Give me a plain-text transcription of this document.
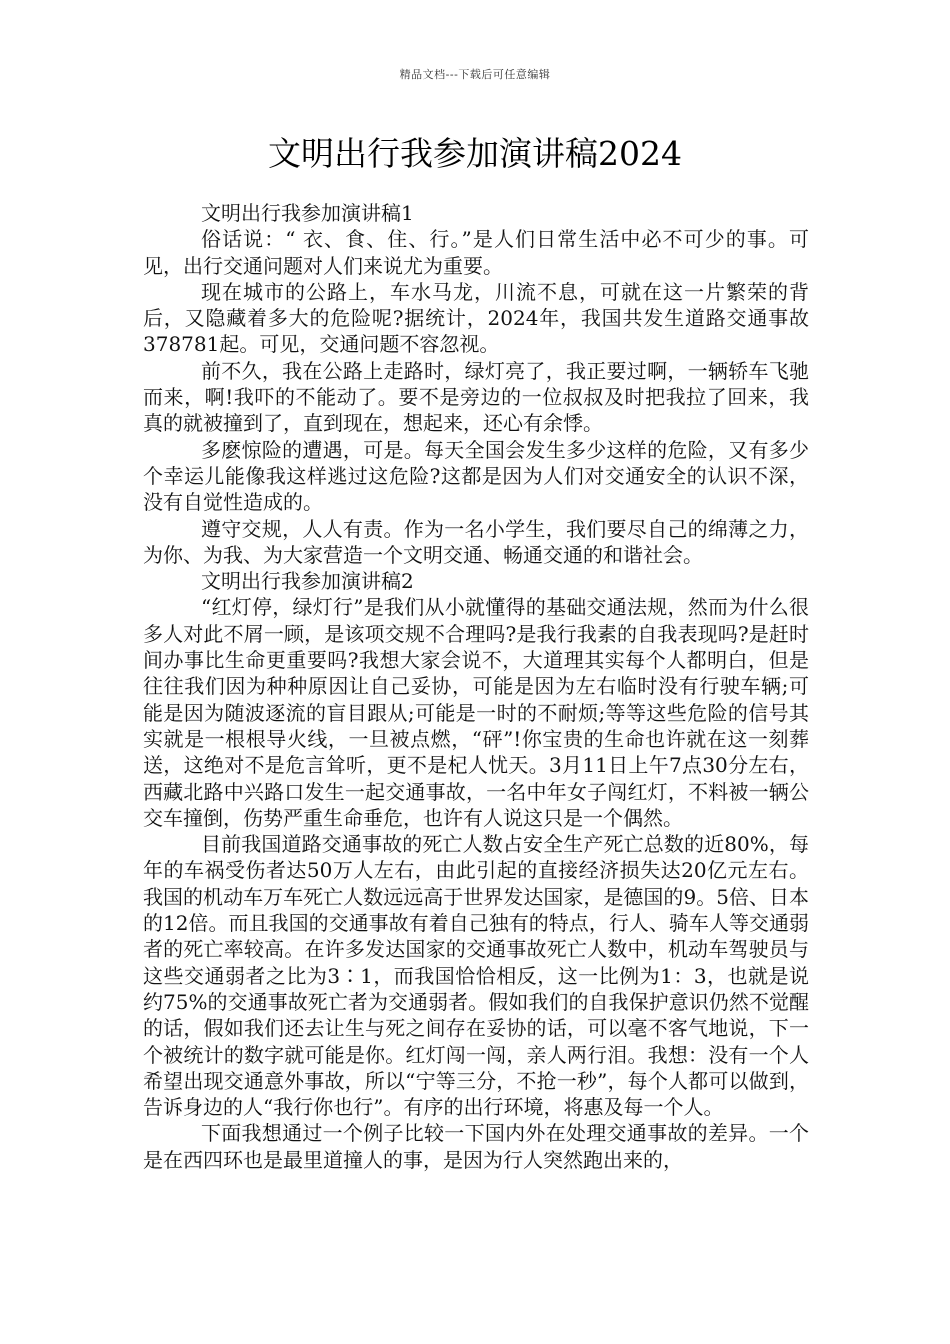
精品文档---下载后可任意编辑
文明出行我参加演讲稿2024

文明出行我参加演讲稿1

俗话说：“ 衣、食、住、行。”是人们日常生活中必不可少的事。可见，出行交通问题对人们来说尤为重要。

现在城市的公路上，车水马龙，川流不息，可就在这一片繁荣的背后，又隐藏着多大的危险呢?据统计，2024年，我国共发生道路交通事故378781起。可见，交通问题不容忽视。

前不久，我在公路上走路时，绿灯亮了，我正要过啊，一辆轿车飞驰而来，啊!我吓的不能动了。要不是旁边的一位叔叔及时把我拉了回来，我真的就被撞到了，直到现在，想起来，还心有余悸。

多麽惊险的遭遇，可是。每天全国会发生多少这样的危险，又有多少个幸运儿能像我这样逃过这危险?这都是因为人们对交通安全的认识不深，没有自觉性造成的。

遵守交规，人人有责。作为一名小学生，我们要尽自己的绵薄之力，为你、为我、为大家营造一个文明交通、畅通交通的和谐社会。

文明出行我参加演讲稿2

“红灯停，绿灯行”是我们从小就懂得的基础交通法规，然而为什么很多人对此不屑一顾，是该项交规不合理吗?是我行我素的自我表现吗?是赶时间办事比生命更重要吗?我想大家会说不，大道理其实每个人都明白，但是往往我们因为种种原因让自己妥协，可能是因为左右临时没有行驶车辆;可能是因为随波逐流的盲目跟从;可能是一时的不耐烦;等等这些危险的信号其实就是一根根导火线，一旦被点燃，“砰”!你宝贵的生命也许就在这一刻葬送，这绝对不是危言耸听，更不是杞人忧天。3月11日上午7点30分左右，西藏北路中兴路口发生一起交通事故，一名中年女子闯红灯，不料被一辆公交车撞倒，伤势严重生命垂危，也许有人说这只是一个偶然。

目前我国道路交通事故的死亡人数占安全生产死亡总数的近80%，每年的车祸受伤者达50万人左右，由此引起的直接经济损失达20亿元左右。我国的机动车万车死亡人数远远高于世界发达国家，是德国的9。5倍、日本的12倍。而且我国的交通事故有着自己独有的特点，行人、骑车人等交通弱者的死亡率较高。在许多发达国家的交通事故死亡人数中，机动车驾驶员与这些交通弱者之比为3∶1，而我国恰恰相反，这一比例为1：3，也就是说约75%的交通事故死亡者为交通弱者。假如我们的自我保护意识仍然不觉醒的话，假如我们还去让生与死之间存在妥协的话，可以毫不客气地说，下一个被统计的数字就可能是你。红灯闯一闯，亲人两行泪。我想：没有一个人希望出现交通意外事故，所以“宁等三分，不抢一秒”，每个人都可以做到，告诉身边的人“我行你也行”。有序的出行环境，将惠及每一个人。

下面我想通过一个例子比较一下国内外在处理交通事故的差异。一个是在西四环也是最里道撞人的事，是因为行人突然跑出来的，
